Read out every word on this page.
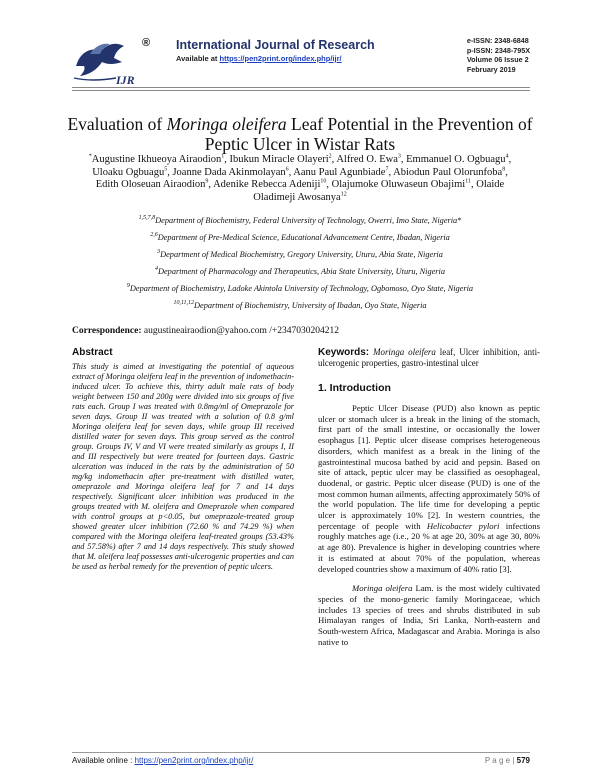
IJR
® International Journal of Research
Available at https://pen2print.org/index.php/ijr/
e-ISSN: 2348-6848
p-ISSN: 2348-795X
Volume 06 Issue 2
February 2019
Evaluation of Moringa oleifera Leaf Potential in the Prevention of Peptic Ulcer in Wistar Rats
*Augustine Ikhueoya Airaodion$^1$, Ibukun Miracle Olayeri$^2$, Alfred O. Ewa$^3$, Emmanuel O. Ogbuagu$^4$, Uloaku Ogbuagu$^5$, Joanne Dada Akinmolayan$^6$, Aanu Paul Agunbiade$^7$, Abiodun Paul Olorunfoba$^8$, Edith Oloseuan Airaodion$^9$, Adenike Rebecca Adeniji$^{10}$, Olajumoke Oluwaseun Obajimi$^{11}$, Olaide Oladimeji Awosanya$^{12}$

$^{1,5,7,8}$Department of Biochemistry, Federal University of Technology, Owerri, Imo State, Nigeria*

$^{2,6}$Department of Pre-Medical Science, Educational Advancement Centre, Ibadan, Nigeria

$^3$Department of Medical Biochemistry, Gregory University, Uturu, Abia State, Nigeria

$^4$Department of Pharmacology and Therapeutics, Abia State University, Uturu, Nigeria

$^9$Department of Biochemistry, Ladoke Akintola University of Technology, Ogbomoso, Oyo State, Nigeria

$^{10,11,12}$Department of Biochemistry, University of Ibadan, Oyo State, Nigeria

Correspondence: augustineairaodion@yahoo.com /+2347030204212
Abstract

This study is aimed at investigating the potential of aqueous extract of Moringa oleifera leaf in the prevention of indomethacin-induced ulcer. To achieve this, thirty adult male rats of body weight between 150 and 200g were divided into six groups of five rats each. Group I was treated with 0.8mg/ml of Omeprazole for seven days. Group II was treated with a solution of 0.8 g/ml Moringa oleifera leaf for seven days, while group III received distilled water for seven days. This group served as the control group. Groups IV, V and VI were treated similarly as groups I, II and III respectively but were treated for fourteen days. Gastric ulceration was induced in the rats by the administration of 50 mg/kg indomethacin after pre-treatment with distilled water, omeprazole and Moringa oleifera leaf for 7 and 14 days respectively. Significant ulcer inhibition was produced in the groups treated with M. oleifera and Omeprazole when compared with control groups at p<0.05, but omeprazole-treated group showed greater ulcer inhibition (72.60 % and 74.29 %) when compared with the Moringa oleifera leaf-treated groups (53.43% and 57.58%) after 7 and 14 days respectively. This study showed that M. oleifera leaf possesses anti-ulcerogenic properties and can be used as herbal remedy for the prevention of peptic ulcers.

Keywords: Moringa oleifera leaf, Ulcer inhibition, anti-ulcerogenic properties, gastro-intestinal ulcer

1. Introduction

Peptic Ulcer Disease (PUD) also known as peptic ulcer or stomach ulcer is a break in the lining of the stomach, first part of the small intestine, or occasionally the lower esophagus [1]. Peptic ulcer disease comprises heterogeneous disorders, which manifest as a break in the lining of the gastrointestinal mucosa bathed by acid and pepsin. Based on site of attack, peptic ulcer may be classified as oesophageal, duodenal, or gastric. Peptic ulcer disease (PUD) is one of the most common human ailments, affecting approximately 50% of the world population. The life time for developing a peptic ulcer is approximately 10% [2]. In western countries, the percentage of people with Helicobacter pylori infections roughly matches age (i.e., 20 % at age 20, 30% at age 30, 80% at age 80). Prevalence is higher in developing countries where it is estimated at about 70% of the population, whereas developed countries show a maximum of 40% ratio [3].

Moringa oleifera Lam. is the most widely cultivated species of the mono-generic family Moringaceae, which includes 13 species of trees and shrubs distributed in sub Himalayan ranges of India, Sri Lanka, North-eastern and South-western Africa, Madagascar and Arabia. Moringa is also native to

Available online : https://pen2print.org/index.php/ijr/	P a g e | 579
